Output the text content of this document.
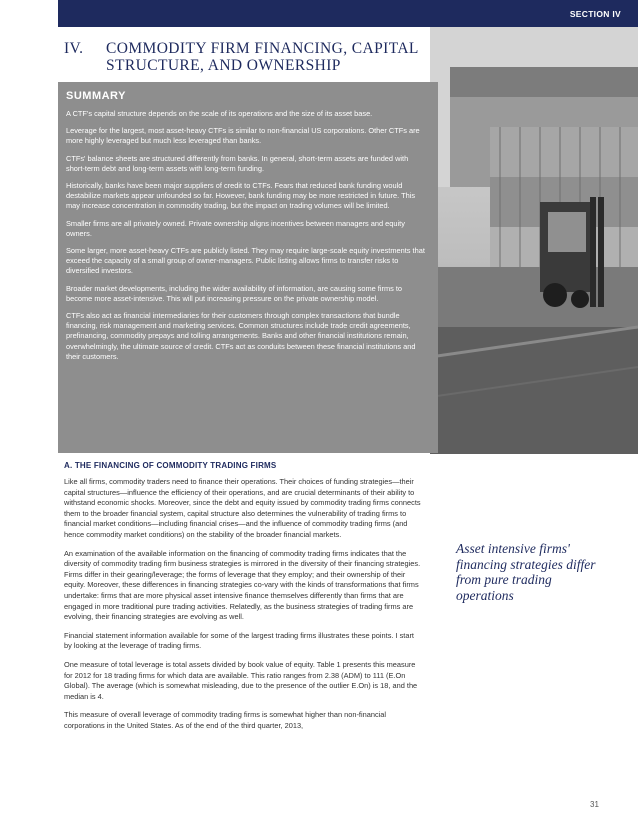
SECTION IV
IV.	COMMODITY FIRM FINANCING, CAPITAL STRUCTURE, AND OWNERSHIP
SUMMARY

A CTF's capital structure depends on the scale of its operations and the size of its asset base.

Leverage for the largest, most asset-heavy CTFs is similar to non-financial US corporations. Other CTFs are more highly leveraged but much less leveraged than banks.

CTFs' balance sheets are structured differently from banks. In general, short-term assets are funded with short-term debt and long-term assets with long-term funding.

Historically, banks have been major suppliers of credit to CTFs. Fears that reduced bank funding would destabilize markets appear unfounded so far. However, bank funding may be more restricted in future. This may increase concentration in commodity trading, but the impact on trading volumes will be limited.

Smaller firms are all privately owned. Private ownership aligns incentives between managers and equity owners.

Some larger, more asset-heavy CTFs are publicly listed. They may require large-scale equity investments that exceed the capacity of a small group of owner-managers. Public listing allows firms to transfer risks to diversified investors.

Broader market developments, including the wider availability of information, are causing some firms to become more asset-intensive. This will put increasing pressure on the private ownership model.

CTFs also act as financial intermediaries for their customers through complex transactions that bundle financing, risk management and marketing services. Common structures include trade credit agreements, prefinancing, commodity prepays and tolling arrangements. Banks and other financial institutions remain, overwhelmingly, the ultimate source of credit. CTFs act as conduits between these financial institutions and their customers.

A. THE FINANCING OF COMMODITY TRADING FIRMS

Like all firms, commodity traders need to finance their operations. Their choices of funding strategies—their capital structures—influence the efficiency of their operations, and are crucial determinants of their ability to withstand economic shocks. Moreover, since the debt and equity issued by commodity trading firms connects them to the broader financial system, capital structure also determines the vulnerability of trading firms to financial market conditions—including financial crises—and the influence of commodity trading firms (and hence commodity market conditions) on the stability of the broader financial markets.

An examination of the available information on the financing of commodity trading firms indicates that the diversity of commodity trading firm business strategies is mirrored in the diversity of their financing strategies. Firms differ in their gearing/leverage; the forms of leverage that they employ; and their ownership of their equity. Moreover, these differences in financing strategies co-vary with the kinds of transformations that firms undertake: firms that are more physical asset intensive finance themselves differently than firms that are engaged in more traditional pure trading activities. Relatedly, as the business strategies of trading firms are evolving, their financing strategies are evolving as well.

Financial statement information available for some of the largest trading firms illustrates these points. I start by looking at the leverage of trading firms.

One measure of total leverage is total assets divided by book value of equity. Table 1 presents this measure for 2012 for 18 trading firms for which data are available. This ratio ranges from 2.38 (ADM) to 111 (E.On Global). The average (which is somewhat misleading, due to the presence of the outlier E.On) is 18, and the median is 4.

This measure of overall leverage of commodity trading firms is somewhat higher than non-financial corporations in the United States. As of the end of the third quarter, 2013,

Asset intensive firms' financing strategies differ from pure trading operations
31
